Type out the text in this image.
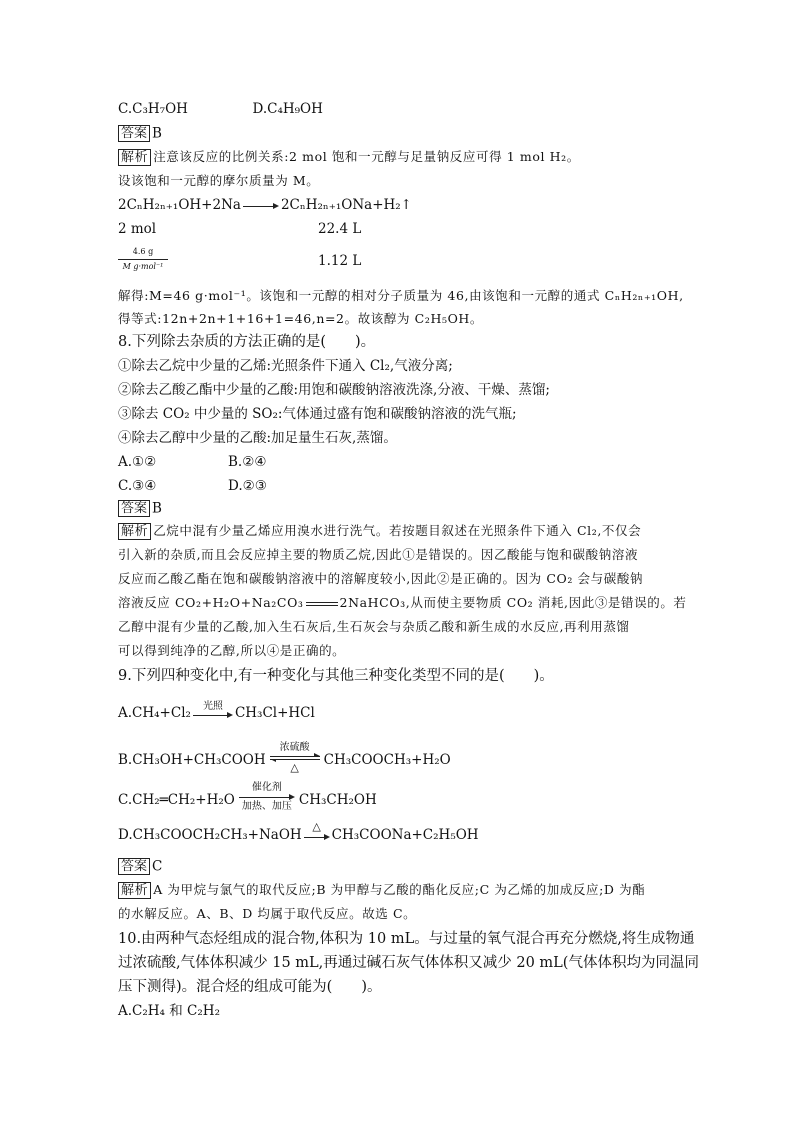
C.C₃H₇OH	D.C₄H₉OH
答案 B
解析 注意该反应的比例关系:2 mol 饱和一元醇与足量钠反应可得 1 mol H₂。
设该饱和一元醇的摩尔质量为 M。
2CₙH₂ₙ₊₁OH+2Na	2CₙH₂ₙ₊₁ONa+H₂↑
2 mol	22.4 L
4.6 g
M g·mol⁻¹	1.12 L
解得:M=46 g·mol⁻¹。该饱和一元醇的相对分子质量为 46,由该饱和一元醇的通式 CₙH₂ₙ₊₁OH,
得等式:12n+2n+1+16+1=46,n=2。故该醇为 C₂H₅OH。
8.下列除去杂质的方法正确的是(　　)。
①除去乙烷中少量的乙烯:光照条件下通入 Cl₂,气液分离;
②除去乙酸乙酯中少量的乙酸:用饱和碳酸钠溶液洗涤,分液、干燥、蒸馏;
③除去 CO₂ 中少量的 SO₂:气体通过盛有饱和碳酸钠溶液的洗气瓶;
④除去乙醇中少量的乙酸:加足量生石灰,蒸馏。
A.①②	B.②④
C.③④	D.②③
答案 B
解析 乙烷中混有少量乙烯应用溴水进行洗气。若按题目叙述在光照条件下通入 Cl₂,不仅会
引入新的杂质,而且会反应掉主要的物质乙烷,因此①是错误的。因乙酸能与饱和碳酸钠溶液
反应而乙酸乙酯在饱和碳酸钠溶液中的溶解度较小,因此②是正确的。因为 CO₂ 会与碳酸钠
溶液反应 CO₂+H₂O+Na₂CO₃	2NaHCO₃,从而使主要物质 CO₂ 消耗,因此③是错误的。若
乙醇中混有少量的乙酸,加入生石灰后,生石灰会与杂质乙酸和新生成的水反应,再利用蒸馏
可以得到纯净的乙醇,所以④是正确的。
9.下列四种变化中,有一种变化与其他三种变化类型不同的是(　　)。
A.CH₄+Cl₂	光照 CH₃Cl+HCl
B.CH₃OH+CH₃COOH
浓硫酸
△	CH₃COOCH₃+H₂O
C.CH₂═CH₂+H₂O
催化剂
加热、加压 CH₃CH₂OH
D.CH₃COOCH₂CH₃+NaOH
△
CH₃COONa+C₂H₅OH
答案 C
解析 A 为甲烷与氯气的取代反应;B 为甲醇与乙酸的酯化反应;C 为乙烯的加成反应;D 为酯
的水解反应。A、B、D 均属于取代反应。故选 C。
10.由两种气态烃组成的混合物,体积为 10 mL。与过量的氧气混合再充分燃烧,将生成物通
过浓硫酸,气体体积减少 15 mL,再通过碱石灰气体体积又减少 20 mL(气体体积均为同温同
压下测得)。混合烃的组成可能为(　　)。
A.C₂H₄ 和 C₂H₂
